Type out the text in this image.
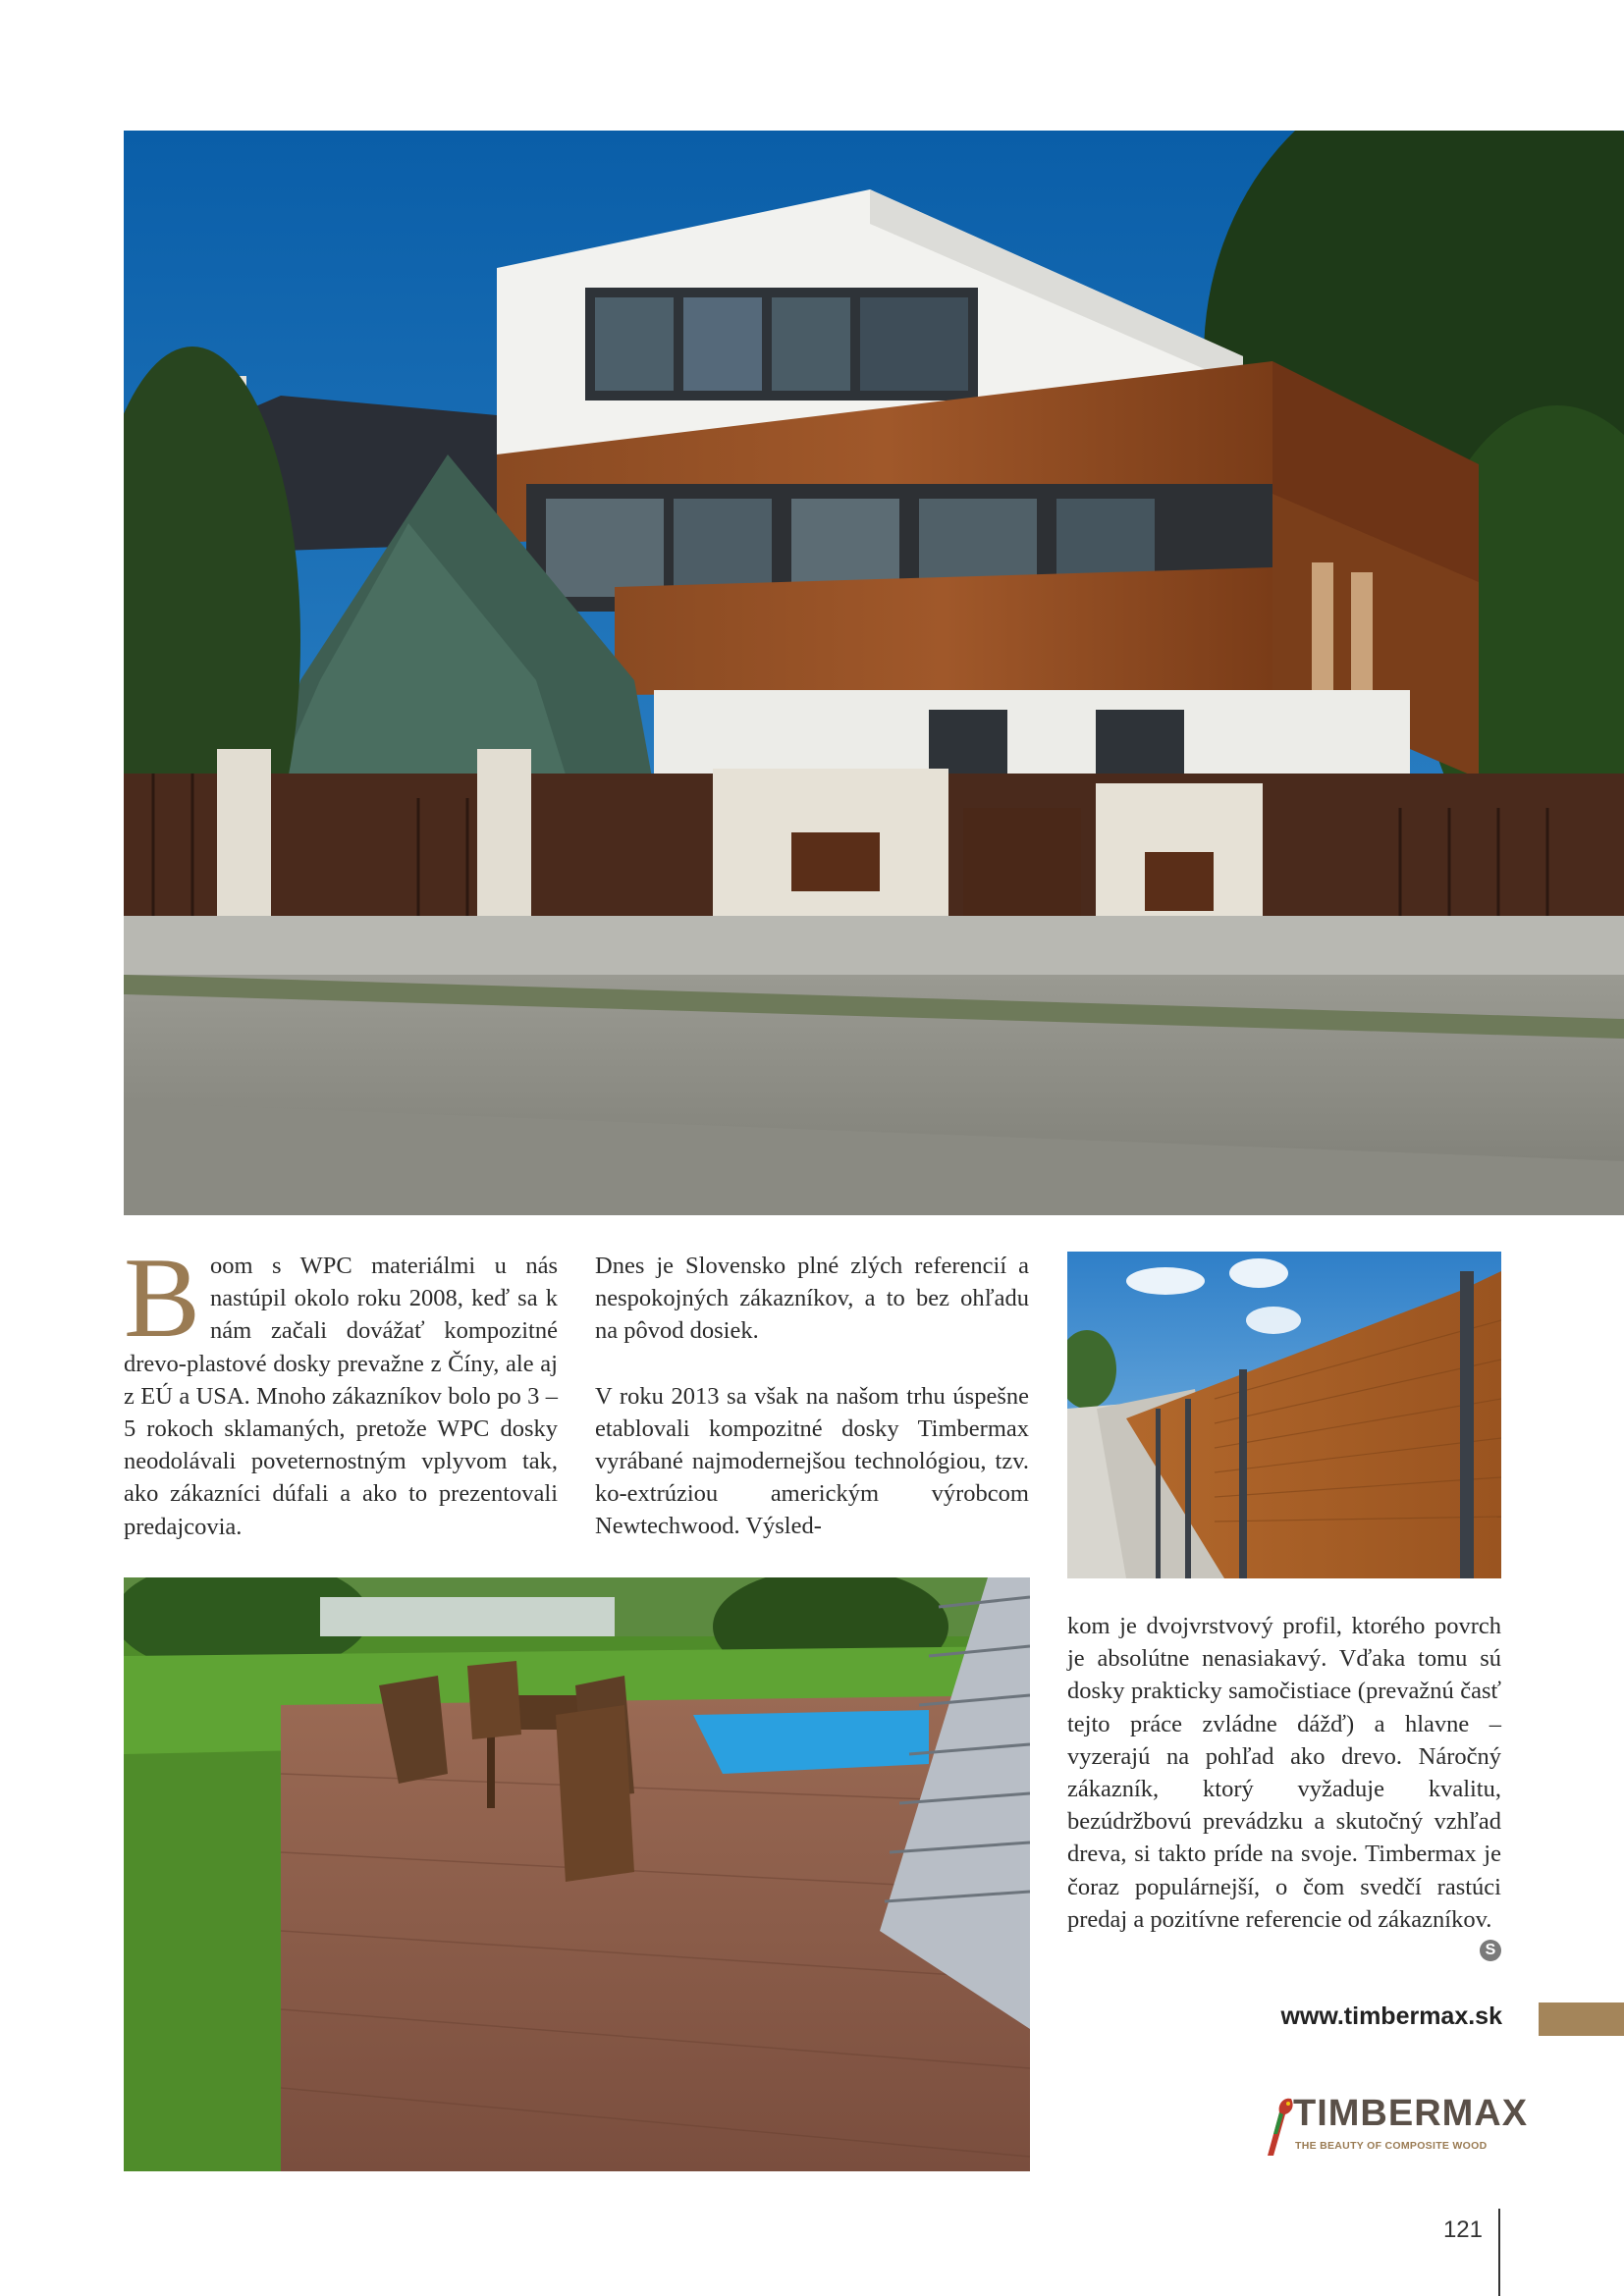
B oom s WPC materiálmi u nás nastúpil okolo roku 2008, keď sa k nám začali dovážať kompozitné drevo-plastové dosky prevažne z Číny, ale aj z EÚ a USA. Mnoho zákazníkov bolo po 3 – 5 rokoch sklamaných, pretože WPC dosky neodolávali poveternostným vplyvom tak, ako zákazníci dúfali a ako to prezentovali predajcovia.

Dnes je Slovensko plné zlých referencií a nespokojných zákazníkov, a to bez ohľadu na pôvod dosiek.

V roku 2013 sa však na našom trhu úspešne etablovali kompozitné dosky Timbermax vyrábané najmodernejšou technológiou, tzv. ko-extrúziou americkým výrobcom Newtechwood. Výsled-

kom je dvojvrstvový profil, ktorého povrch je absolútne nenasiakavý. Vďaka tomu sú dosky prakticky samočistiace (prevažnú časť tejto práce zvládne dážď) a hlavne – vyzerajú na pohľad ako drevo. Náročný zákazník, ktorý vyžaduje kvalitu, bezúdržbovú prevádzku a skutočný vzhľad dreva, si takto príde na svoje. Timbermax je čoraz populárnejší, o čom svedčí rastúci predaj a pozitívne referencie od zákazníkov.
S
www.timbermax.sk
TIMBERMAX
THE BEAUTY OF COMPOSITE WOOD
121
